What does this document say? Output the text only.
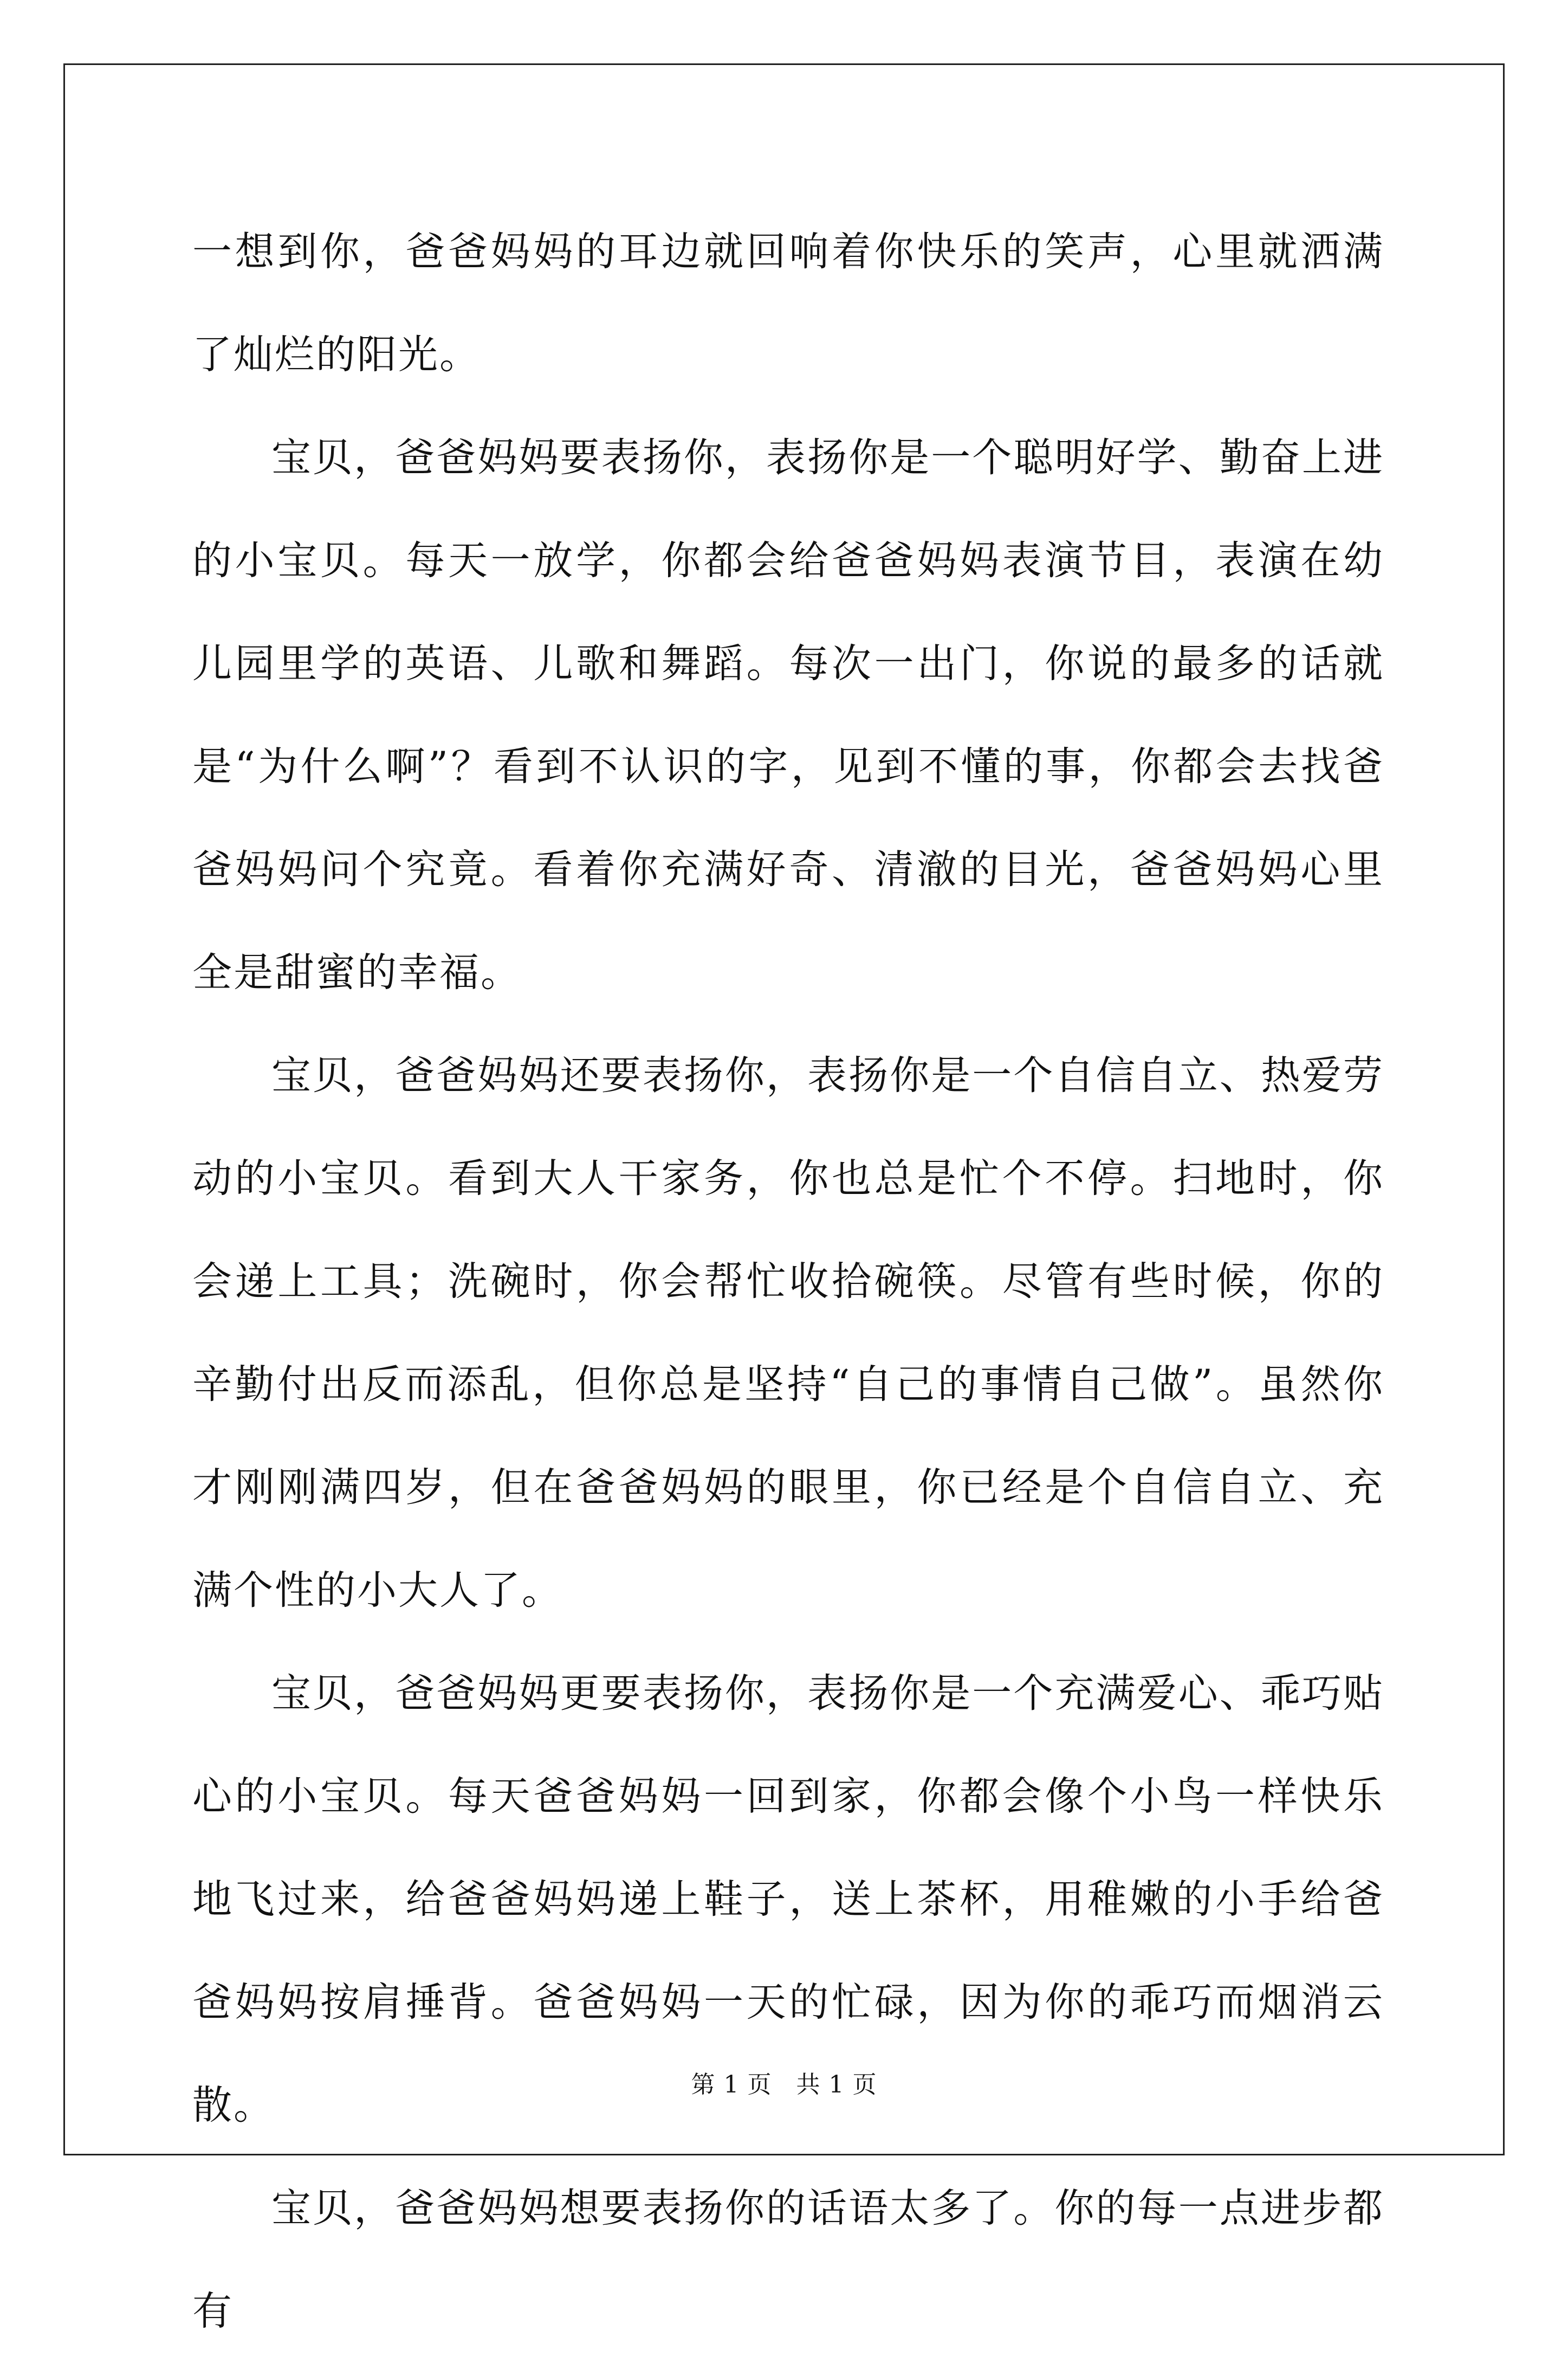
一想到你，爸爸妈妈的耳边就回响着你快乐的笑声，心里就洒满了灿烂的阳光。

宝贝，爸爸妈妈要表扬你，表扬你是一个聪明好学、勤奋上进的小宝贝。每天一放学，你都会给爸爸妈妈表演节目，表演在幼儿园里学的英语、儿歌和舞蹈。每次一出门，你说的最多的话就是“为什么啊”？看到不认识的字，见到不懂的事，你都会去找爸爸妈妈问个究竟。看着你充满好奇、清澈的目光，爸爸妈妈心里全是甜蜜的幸福。

宝贝，爸爸妈妈还要表扬你，表扬你是一个自信自立、热爱劳动的小宝贝。看到大人干家务，你也总是忙个不停。扫地时，你会递上工具；洗碗时，你会帮忙收拾碗筷。尽管有些时候，你的辛勤付出反而添乱，但你总是坚持“自己的事情自己做”。虽然你才刚刚满四岁，但在爸爸妈妈的眼里，你已经是个自信自立、充满个性的小大人了。

宝贝，爸爸妈妈更要表扬你，表扬你是一个充满爱心、乖巧贴心的小宝贝。每天爸爸妈妈一回到家，你都会像个小鸟一样快乐地飞过来，给爸爸妈妈递上鞋子，送上茶杯，用稚嫩的小手给爸爸妈妈按肩捶背。爸爸妈妈一天的忙碌，因为你的乖巧而烟消云散。

宝贝，爸爸妈妈想要表扬你的话语太多了。你的每一点进步都有

第 1 页　共 1 页
